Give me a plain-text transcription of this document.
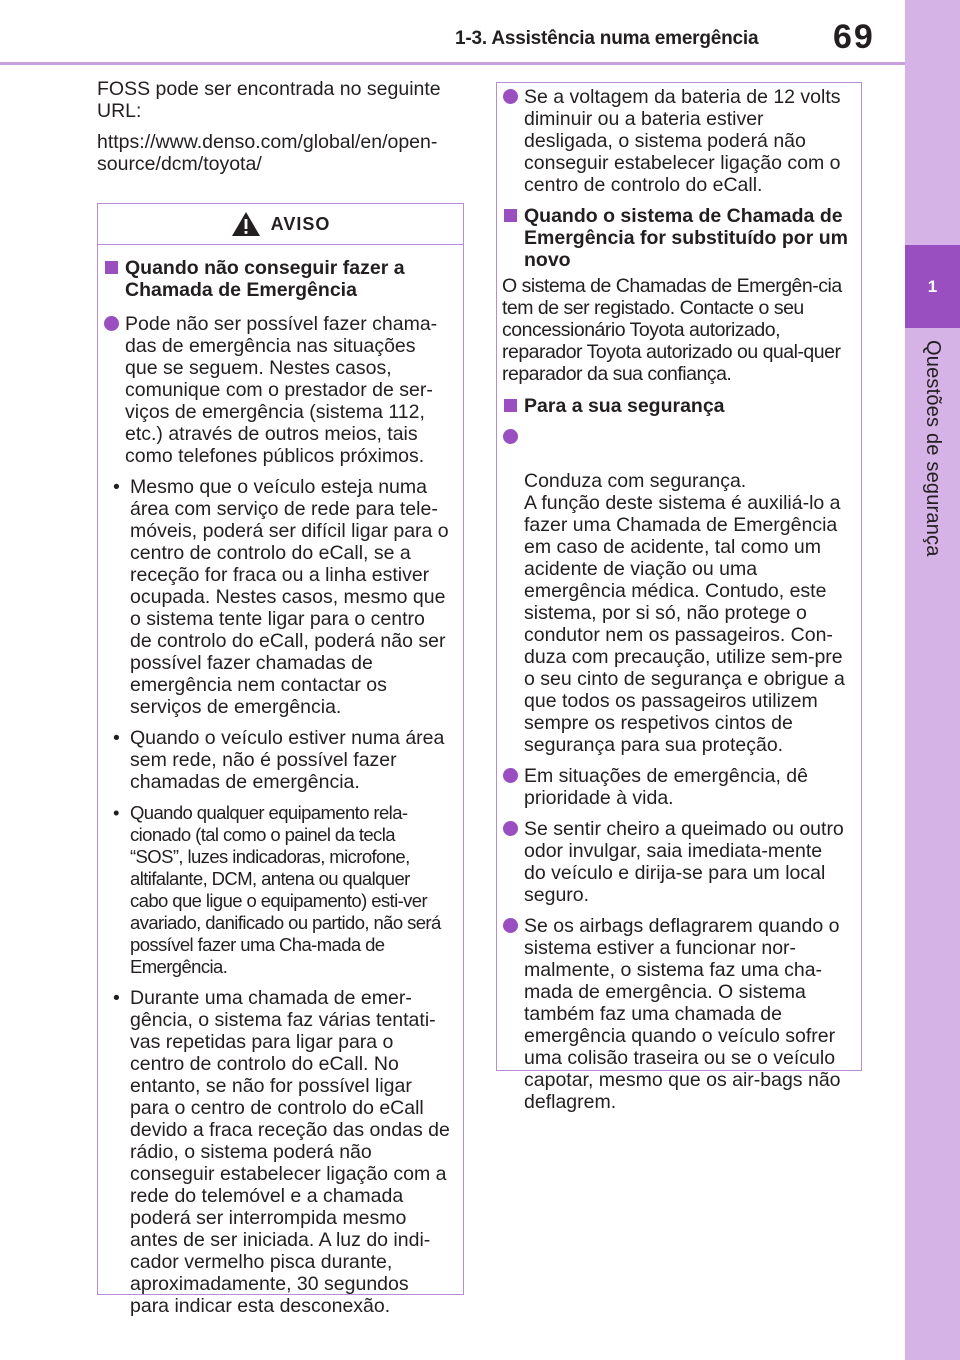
1-3. Assistência numa emergência 69
1
Questões de segurança

FOSS pode ser encontrada no seguinte URL:

https://www.denso.com/global/en/open-source/dcm/toyota/

AVISO
Quando não conseguir fazer a Chamada de Emergência
Pode não ser possível fazer chama-das de emergência nas situações que se seguem. Nestes casos, comunique com o prestador de ser-viços de emergência (sistema 112, etc.) através de outros meios, tais como telefones públicos próximos.
• Mesmo que o veículo esteja numa área com serviço de rede para tele-móveis, poderá ser difícil ligar para o centro de controlo do eCall, se a receção for fraca ou a linha estiver ocupada. Nestes casos, mesmo que o sistema tente ligar para o centro de controlo do eCall, poderá não ser possível fazer chamadas de emergência nem contactar os serviços de emergência.
• Quando o veículo estiver numa área sem rede, não é possível fazer chamadas de emergência.
• Quando qualquer equipamento rela-cionado (tal como o painel da tecla “SOS”, luzes indicadoras, microfone, altifalante, DCM, antena ou qualquer cabo que ligue o equipamento) esti-ver avariado, danificado ou partido, não será possível fazer uma Cha-mada de Emergência.
• Durante uma chamada de emer-gência, o sistema faz várias tentati-vas repetidas para ligar para o centro de controlo do eCall. No entanto, se não for possível ligar para o centro de controlo do eCall devido a fraca receção das ondas de rádio, o sistema poderá não conseguir estabelecer ligação com a rede do telemóvel e a chamada poderá ser interrompida mesmo antes de ser iniciada. A luz do indi-cador vermelho pisca durante, aproximadamente, 30 segundos para indicar esta desconexão.
Se a voltagem da bateria de 12 volts diminuir ou a bateria estiver desligada, o sistema poderá não conseguir estabelecer ligação com o centro de controlo do eCall.
Quando o sistema de Chamada de Emergência for substituído por um novo

O sistema de Chamadas de Emergên-cia tem de ser registado. Contacte o seu concessionário Toyota autorizado, reparador Toyota autorizado ou qual-quer reparador da sua confiança.

Para a sua segurança

Conduza com segurança.
A função deste sistema é auxiliá-lo a fazer uma Chamada de Emergência em caso de acidente, tal como um acidente de viação ou uma emergência médica. Contudo, este sistema, por si só, não protege o condutor nem os passageiros. Con-duza com precaução, utilize sem-pre o seu cinto de segurança e obrigue a que todos os passageiros utilizem sempre os respetivos cintos de segurança para sua proteção.

Em situações de emergência, dê prioridade à vida.
Se sentir cheiro a queimado ou outro odor invulgar, saia imediata-mente do veículo e dirija-se para um local seguro.
Se os airbags deflagrarem quando o sistema estiver a funcionar nor-malmente, o sistema faz uma cha-mada de emergência. O sistema também faz uma chamada de emergência quando o veículo sofrer uma colisão traseira ou se o veículo capotar, mesmo que os air-bags não deflagrem.
